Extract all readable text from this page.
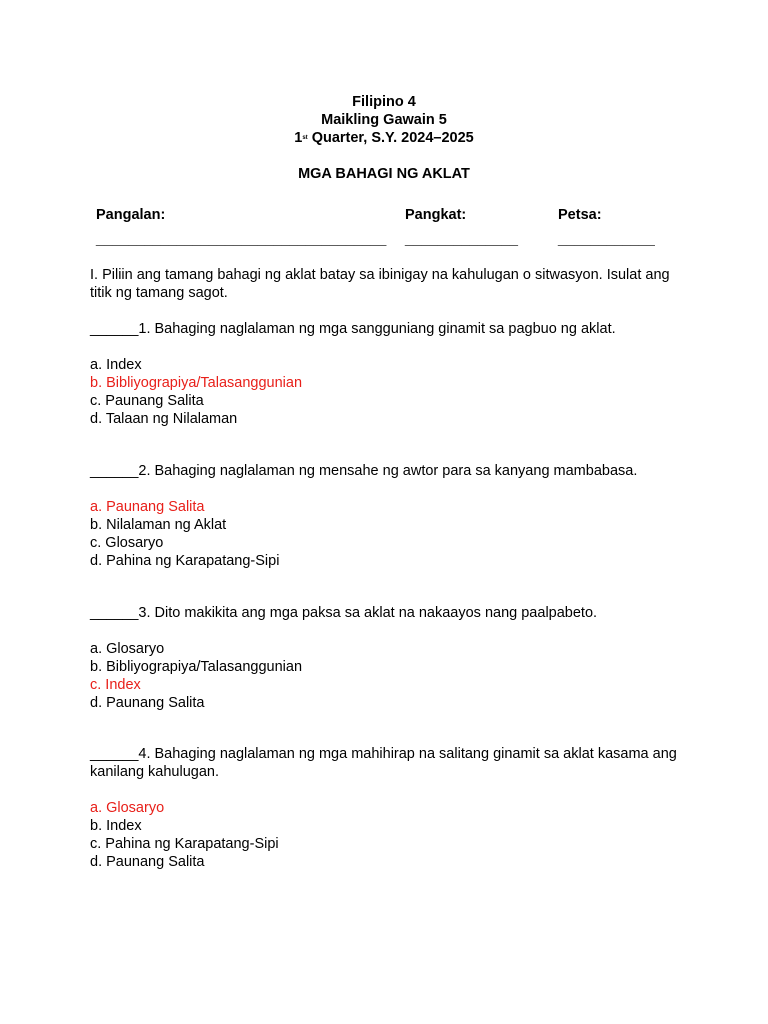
Filipino 4
Maikling Gawain 5
1st Quarter, S.Y. 2024–2025
MGA BAHAGI NG AKLAT
Pangalan:
____________________________________
Pangkat:
______________
Petsa:
____________
I. Piliin ang tamang bahagi ng aklat batay sa ibinigay na kahulugan o sitwasyon. Isulat ang titik ng tamang sagot.
______1. Bahaging naglalaman ng mga sangguniang ginamit sa pagbuo ng aklat.
a. Index
b. Bibliyograpiya/Talasanggunian
c. Paunang Salita
d. Talaan ng Nilalaman
______2. Bahaging naglalaman ng mensahe ng awtor para sa kanyang mambabasa.
a. Paunang Salita
b. Nilalaman ng Aklat
c. Glosaryo
d. Pahina ng Karapatang-Sipi
______3. Dito makikita ang mga paksa sa aklat na nakaayos nang paalpabeto.
a. Glosaryo
b. Bibliyograpiya/Talasanggunian
c. Index
d. Paunang Salita
______4. Bahaging naglalaman ng mga mahihirap na salitang ginamit sa aklat kasama ang kanilang kahulugan.
a. Glosaryo
b. Index
c. Pahina ng Karapatang-Sipi
d. Paunang Salita
